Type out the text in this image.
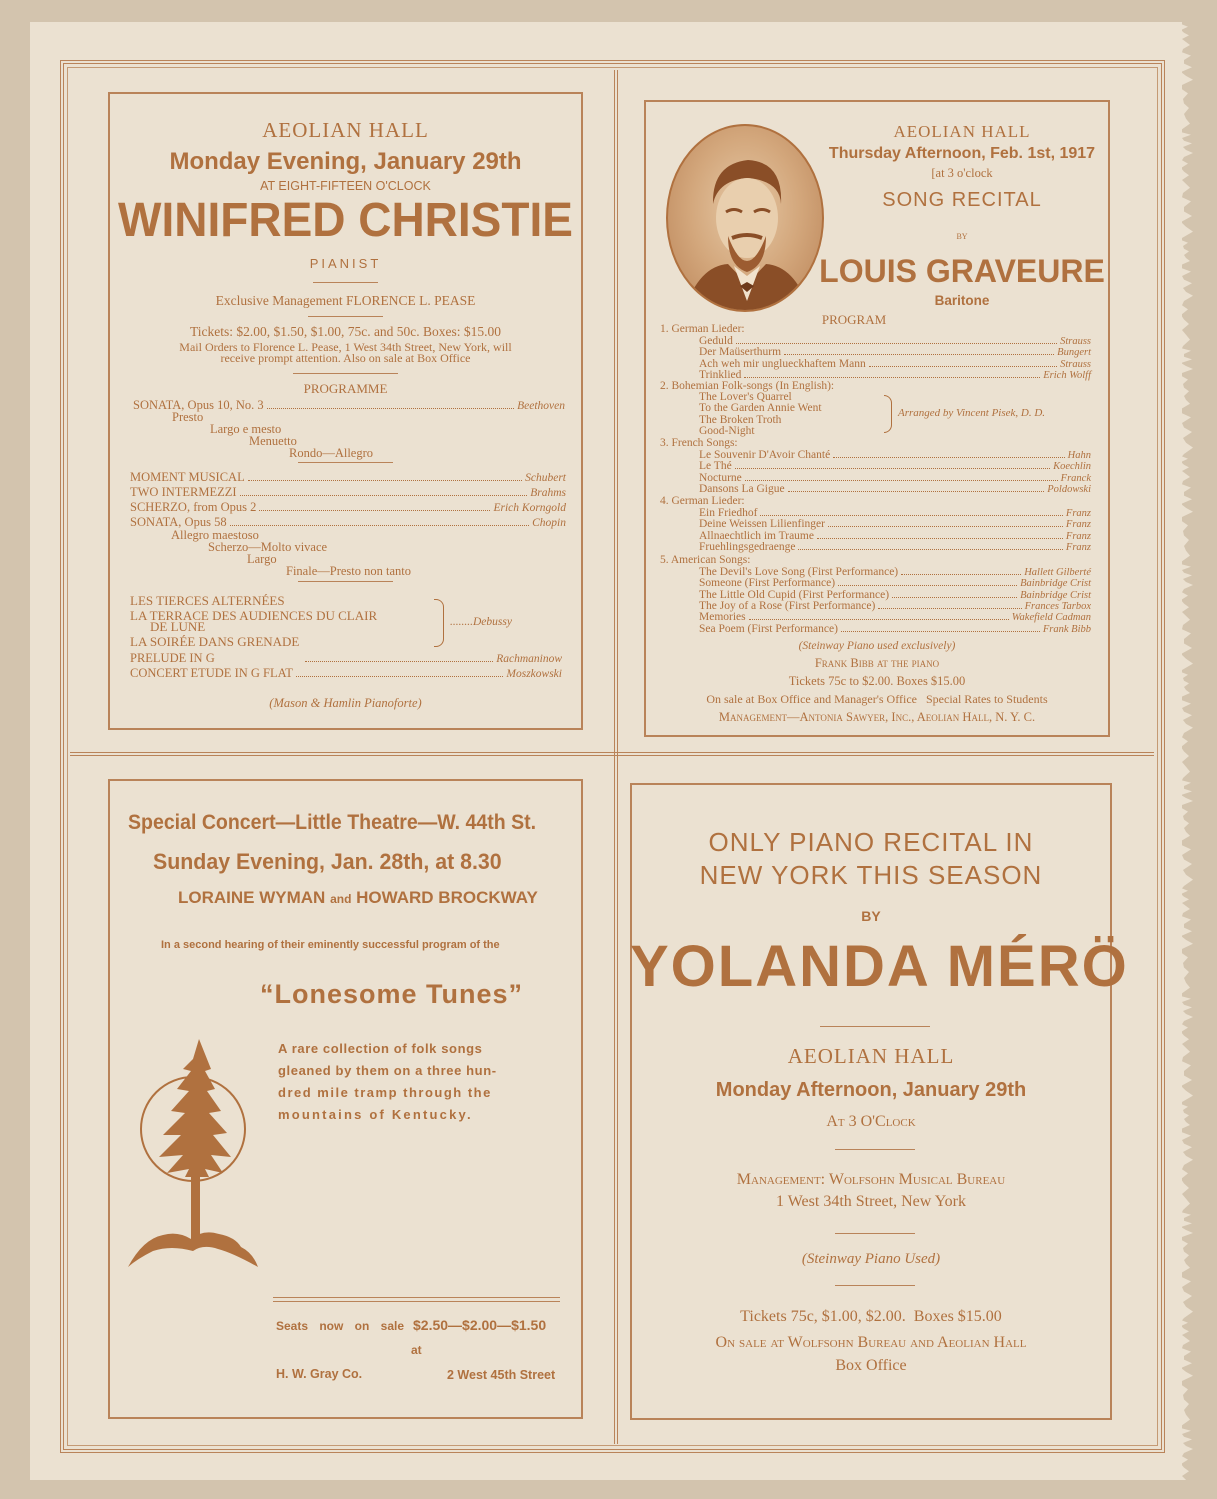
AEOLIAN HALL
Monday Evening, January 29th
AT EIGHT-FIFTEEN O'CLOCK
WINIFRED CHRISTIE
PIANIST
Exclusive Management FLORENCE L. PEASE
Tickets: $2.00, $1.50, $1.00, 75c. and 50c. Boxes: $15.00
Mail Orders to Florence L. Pease, 1 West 34th Street, New York, will
receive prompt attention. Also on sale at Box Office
PROGRAMME
SONATA, Opus 10, No. 3	Beethoven
Presto
Largo e mesto
Menuetto
Rondo—Allegro
MOMENT MUSICAL	Schubert
TWO INTERMEZZI	Brahms
SCHERZO, from Opus 2	Erich Korngold
SONATA, Opus 58	Chopin
Allegro maestoso
Scherzo—Molto vivace
Largo
Finale—Presto non tanto
LES TIERCES ALTERNÉES
LA TERRACE DES AUDIENCES DU CLAIR
DE LUNE
LA SOIRÉE DANS GRENADE
........Debussy
PRELUDE IN G	Rachmaninow
CONCERT ETUDE IN G FLAT	Moszkowski
(Mason & Hamlin Pianoforte)
AEOLIAN HALL
Thursday Afternoon, Feb. 1st, 1917
[at 3 o'clock
SONG RECITAL
BY
LOUIS GRAVEURE
Baritone
PROGRAM
1. German Lieder:
Geduld	Strauss
Der Maüserthurm	Bungert
Ach weh mir unglueckhaftem Mann	Strauss
Trinklied	Erich Wolff
2. Bohemian Folk-songs (In English):
The Lover's Quarrel
To the Garden Annie Went
The Broken Troth
Good-Night
Arranged by Vincent Pisek, D. D.
3. French Songs:
Le Souvenir D'Avoir Chanté	Hahn
Le Thé	Koechlin
Nocturne	Franck
Dansons La Gigue	Poldowski
4. German Lieder:
Ein Friedhof	Franz
Deine Weissen Lilienfinger	Franz
Allnaechtlich im Traume	Franz
Fruehlingsgedraenge	Franz
5. American Songs:
The Devil's Love Song (First Performance)	Hallett Gilberté
Someone (First Performance)	Bainbridge Crist
The Little Old Cupid (First Performance)	Bainbridge Crist
The Joy of a Rose (First Performance)	Frances Tarbox
Memories	Wakefield Cadman
Sea Poem (First Performance)	Frank Bibb
(Steinway Piano used exclusively)
Frank Bibb at the piano
Tickets 75c to $2.00. Boxes $15.00
On sale at Box Office and Manager's Office   Special Rates to Students
Management—Antonia Sawyer, Inc., Aeolian Hall, N. Y. C.
Special Concert—Little Theatre—W. 44th St.
Sunday Evening, Jan. 28th, at 8.30
LORAINE WYMAN and HOWARD BROCKWAY
In a second hearing of their eminently successful program of the
“Lonesome Tunes”
A rare collection of folk songs
gleaned by them on a three hun-
dred mile tramp through the
mountains of Kentucky.
Seats now on sale $2.50—$2.00—$1.50
at
H. W. Gray Co.	2 West 45th Street
ONLY PIANO RECITAL IN
NEW YORK THIS SEASON
BY
YOLANDA MÉRÖ
AEOLIAN HALL
Monday Afternoon, January 29th
At 3 O'Clock
Management: Wolfsohn Musical Bureau
1 West 34th Street, New York
(Steinway Piano Used)
Tickets 75c, $1.00, $2.00.  Boxes $15.00
On sale at Wolfsohn Bureau and Aeolian Hall
Box Office
